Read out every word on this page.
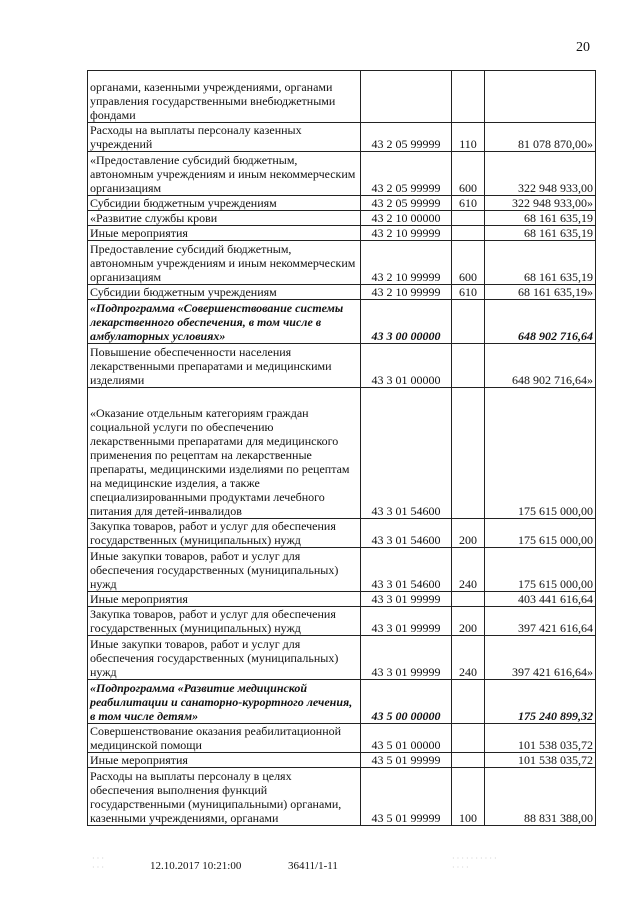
20
органами, казенными учреждениями, органами управления государственными внебюджетными фондами			
Расходы на выплаты персоналу казенных учреждений	43 2 05 99999	110	81 078 870,00»
«Предоставление субсидий бюджетным, автономным учреждениям и иным некоммерческим организациям	43 2 05 99999	600	322 948 933,00
Субсидии бюджетным учреждениям	43 2 05 99999	610	322 948 933,00»
«Развитие службы крови	43 2 10 00000		68 161 635,19
Иные мероприятия	43 2 10 99999		68 161 635,19
Предоставление субсидий бюджетным, автономным учреждениям и иным некоммерческим организациям	43 2 10 99999	600	68 161 635,19
Субсидии бюджетным учреждениям	43 2 10 99999	610	68 161 635,19»
«Подпрограмма «Совершенствование системы лекарственного обеспечения, в том числе в амбулаторных условиях»	43 3 00 00000		648 902 716,64
Повышение обеспеченности населения лекарственными препаратами и медицинскими изделиями	43 3 01 00000		648 902 716,64»
«Оказание отдельным категориям граждан социальной услуги по обеспечению лекарственными препаратами для медицинского применения по рецептам на лекарственные препараты, медицинскими изделиями по рецептам на медицинские изделия, а также специализированными продуктами лечебного питания для детей-инвалидов	43 3 01 54600		175 615 000,00
Закупка товаров, работ и услуг для обеспечения государственных (муниципальных) нужд	43 3 01 54600	200	175 615 000,00
Иные закупки товаров, работ и услуг для обеспечения государственных (муниципальных) нужд	43 3 01 54600	240	175 615 000,00
Иные мероприятия	43 3 01 99999		403 441 616,64
Закупка товаров, работ и услуг для обеспечения государственных (муниципальных) нужд	43 3 01 99999	200	397 421 616,64
Иные закупки товаров, работ и услуг для обеспечения государственных (муниципальных) нужд	43 3 01 99999	240	397 421 616,64»
«Подпрограмма «Развитие медицинской реабилитации и санаторно-курортного лечения, в том числе детям»	43 5 00 00000		175 240 899,32
Совершенствование оказания реабилитационной медицинской помощи	43 5 01 00000		101 538 035,72
Иные мероприятия	43 5 01 99999		101 538 035,72
Расходы на выплаты персоналу в целях обеспечения выполнения функций государственными (муниципальными) органами, казенными учреждениями, органами	43 5 01 99999	100	88 831 388,00
12.10.2017 10:21:00	36411/1-11
· · ·
· · ·
· · · · · · · · · ·
· · · ·
